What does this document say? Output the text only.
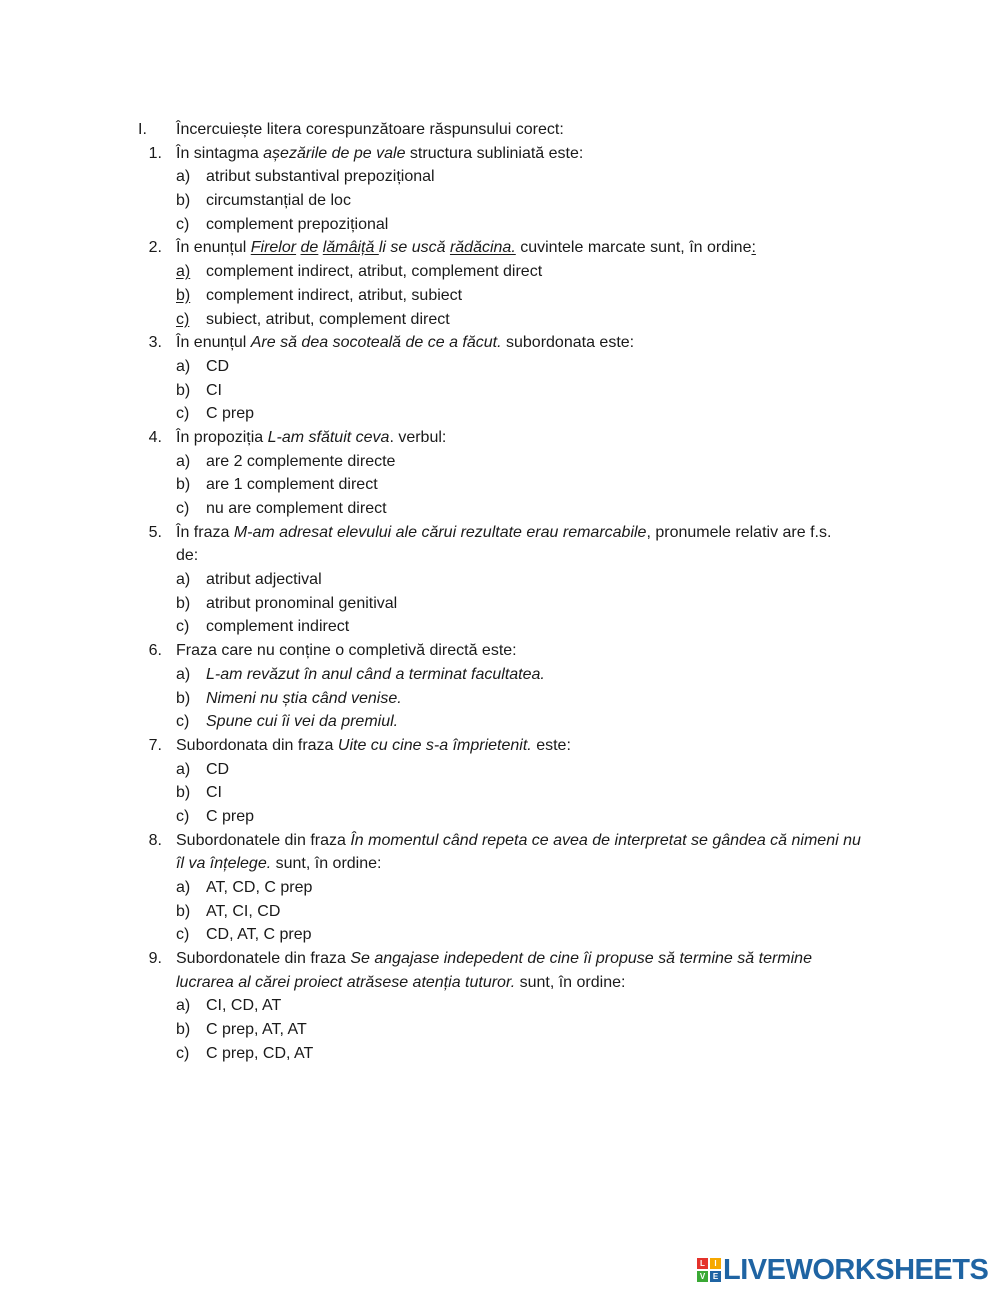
I. Încercuiește litera corespunzătoare răspunsului corect:
1. În sintagma așezările de pe vale structura subliniată este:
a) atribut substantival prepozițional
b) circumstanțial de loc
c) complement prepozițional
2. În enunțul Firelor de lămâiță li se uscă rădăcina. cuvintele marcate sunt, în ordine:
a) complement indirect, atribut, complement direct
b) complement indirect, atribut, subiect
c) subiect, atribut, complement direct
3. În enunțul Are să dea socoteală de ce a făcut. subordonata este:
a) CD
b) CI
c) C prep
4. În propoziția L-am sfătuit ceva. verbul:
a) are 2 complemente directe
b) are 1 complement direct
c) nu are complement direct
5. În fraza M-am adresat elevului ale cărui rezultate erau remarcabile, pronumele relativ are f.s.
de:
a) atribut adjectival
b) atribut pronominal genitival
c) complement indirect
6. Fraza care nu conține o completivă directă este:
a) L-am revăzut în anul când a terminat facultatea.
b) Nimeni nu știa când venise.
c) Spune cui îi vei da premiul.
7. Subordonata din fraza Uite cu cine s-a împrietenit. este:
a) CD
b) CI
c) C prep
8. Subordonatele din fraza În momentul când repeta ce avea de interpretat se gândea că nimeni nu
îl va înțelege. sunt, în ordine:
a) AT, CD, C prep
b) AT, CI, CD
c) CD, AT, C prep
9. Subordonatele din fraza Se angajase indepedent de cine îi propuse să termine să termine
lucrarea al cărei proiect atrăsese atenția tuturor. sunt, în ordine:
a) CI, CD, AT
b) C prep, AT, AT
c) C prep, CD, AT
L	I
V E LIVEWORKSHEETS
